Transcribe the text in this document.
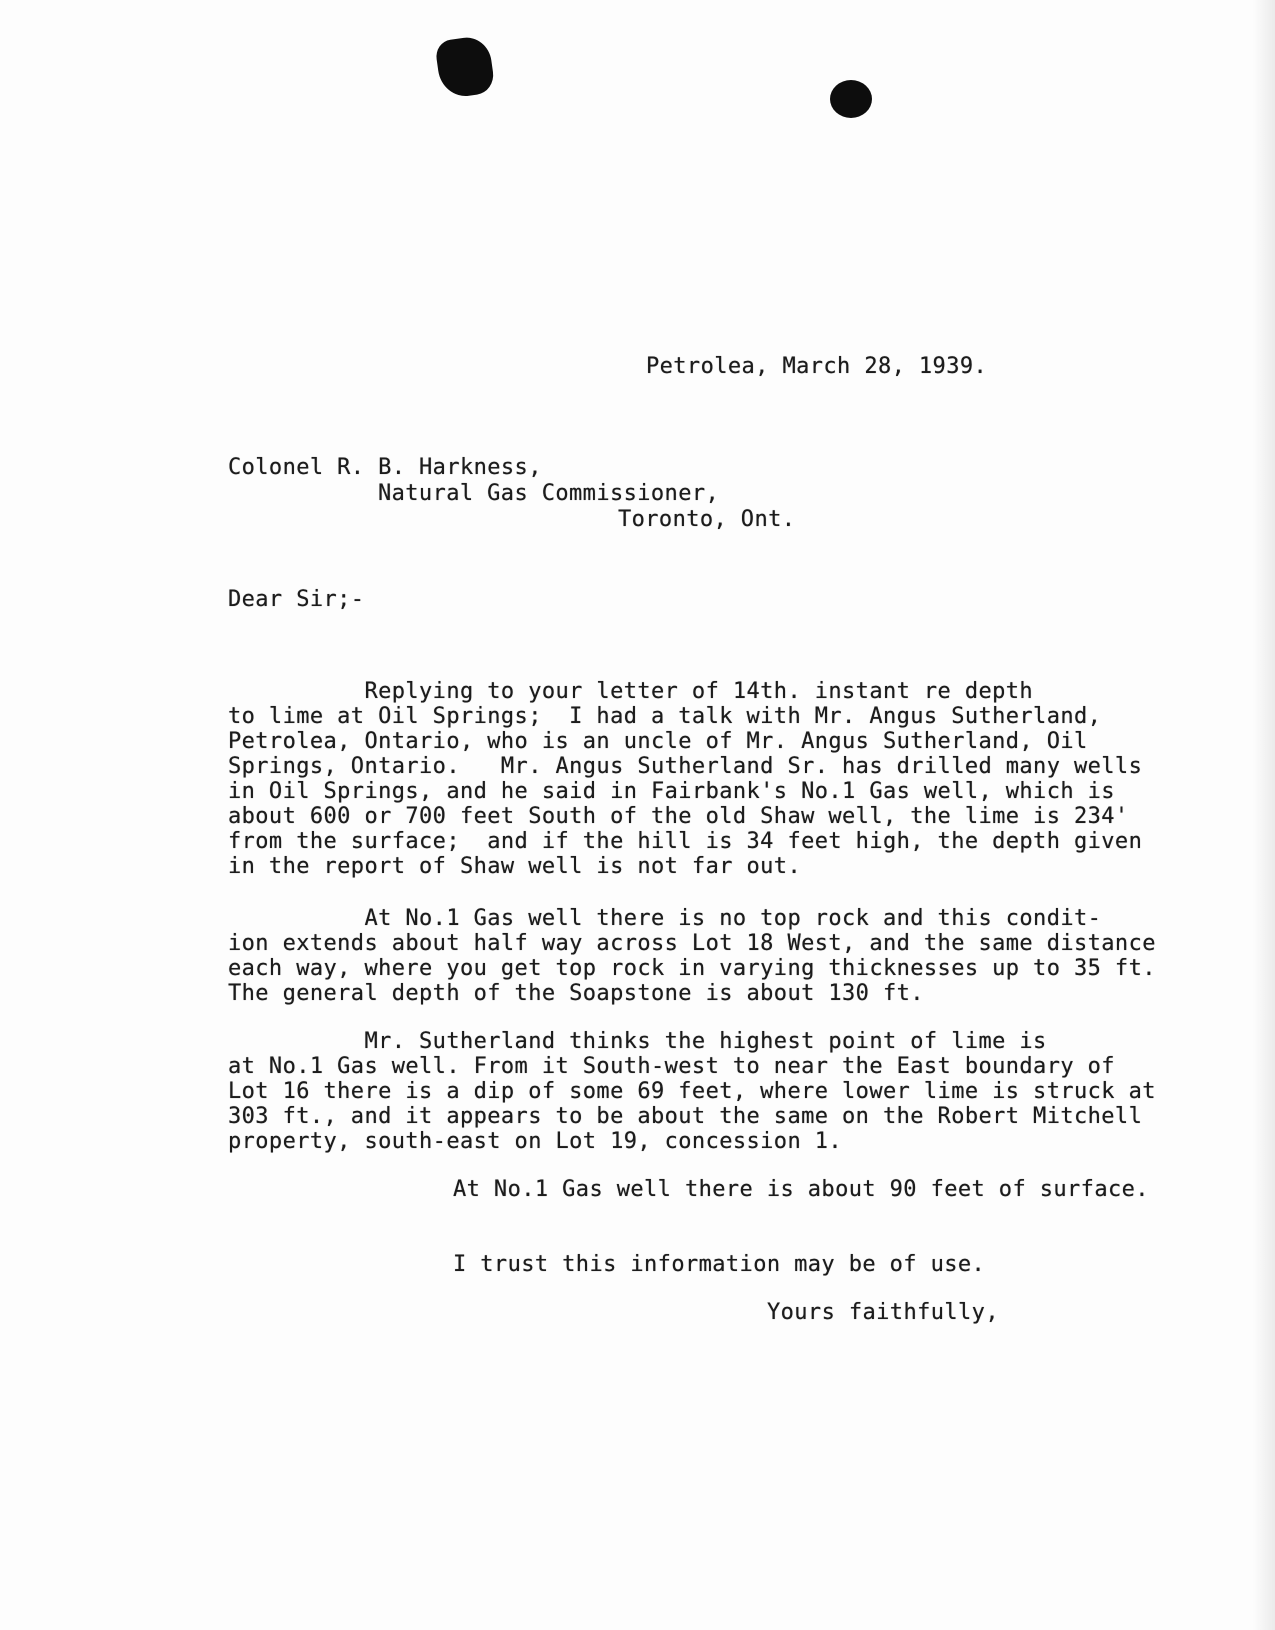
Petrolea, March 28, 1939.

Colonel R. B. Harkness,

Natural Gas Commissioner,

Toronto, Ont.

Dear Sir;-

Replying to your letter of 14th. instant re depth
to lime at Oil Springs;  I had a talk with Mr. Angus Sutherland,
Petrolea, Ontario, who is an uncle of Mr. Angus Sutherland, Oil
Springs, Ontario.   Mr. Angus Sutherland Sr. has drilled many wells
in Oil Springs, and he said in Fairbank's No.1 Gas well, which is
about 600 or 700 feet South of the old Shaw well, the lime is 234'
from the surface;  and if the hill is 34 feet high, the depth given
in the report of Shaw well is not far out.

At No.1 Gas well there is no top rock and this condit-
ion extends about half way across Lot 18 West, and the same distance
each way, where you get top rock in varying thicknesses up to 35 ft.
The general depth of the Soapstone is about 130 ft.

Mr. Sutherland thinks the highest point of lime is
at No.1 Gas well. From it South-west to near the East boundary of
Lot 16 there is a dip of some 69 feet, where lower lime is struck at
303 ft., and it appears to be about the same on the Robert Mitchell
property, south-east on Lot 19, concession 1.

At No.1 Gas well there is about 90 feet of surface.

I trust this information may be of use.

Yours faithfully,
